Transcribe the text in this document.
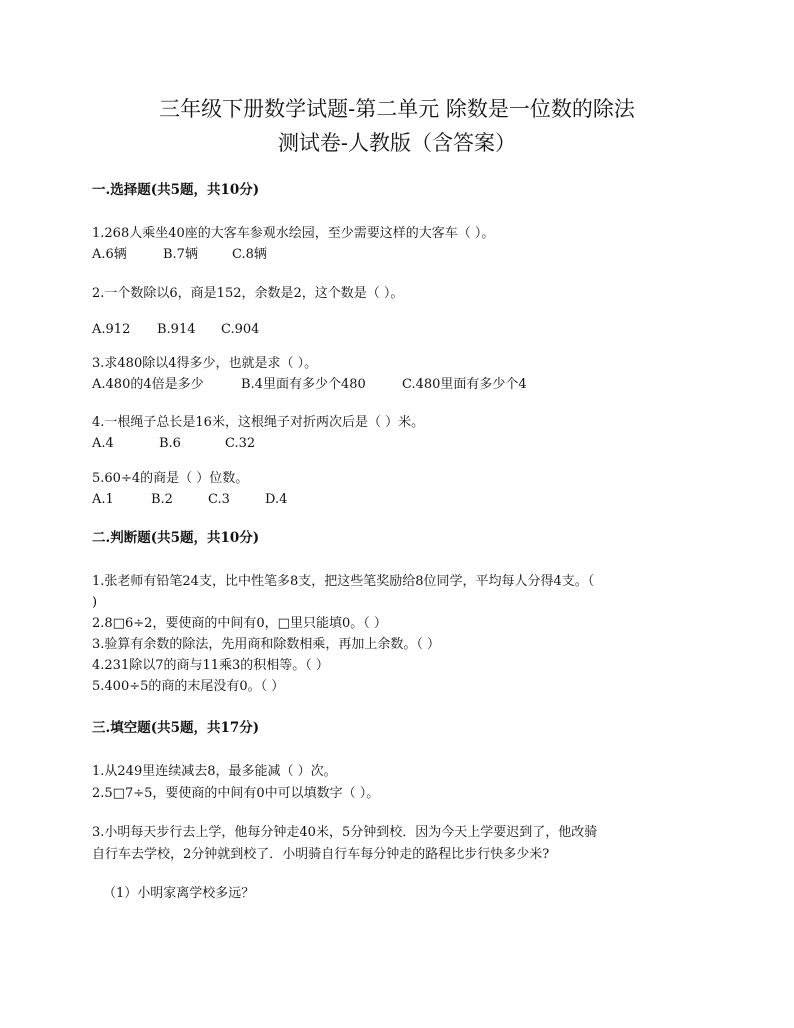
三年级下册数学试题-第二单元 除数是一位数的除法
测试卷-人教版（含答案）
一.选择题(共5题，共10分)
1.268人乘坐40座的大客车参观水绘园，至少需要这样的大客车（ ）。
A.6辆	B.7辆	C.8辆
2.一个数除以6，商是152，余数是2，这个数是（ ）。
A.912 B.914 C.904
3.求480除以4得多少，也就是求（ ）。
A.480的4倍是多少	B.4里面有多少个480	C.480里面有多少个4
4.一根绳子总长是16米，这根绳子对折两次后是（ ）米。
A.4	B.6	C.32
5.60÷4的商是（ ）位数。
A.1	B.2	C.3	D.4
二.判断题(共5题，共10分)
1.张老师有铅笔24支，比中性笔多8支，把这些笔奖励给8位同学，平均每人分得4支。（
)
2.8□6÷2，要使商的中间有0，□里只能填0。（ ）
3.验算有余数的除法，先用商和除数相乘，再加上余数。（ ）
4.231除以7的商与11乘3的积相等。（ ）
5.400÷5的商的末尾没有0。（ ）
三.填空题(共5题，共17分)
1.从249里连续减去8，最多能减（ ）次。
2.5□7÷5，要使商的中间有0中可以填数字（ ）。
3.小明每天步行去上学，他每分钟走40米，5分钟到校．因为今天上学要迟到了，他改骑
自行车去学校，2分钟就到校了．小明骑自行车每分钟走的路程比步行快多少米?
（1）小明家离学校多远？
